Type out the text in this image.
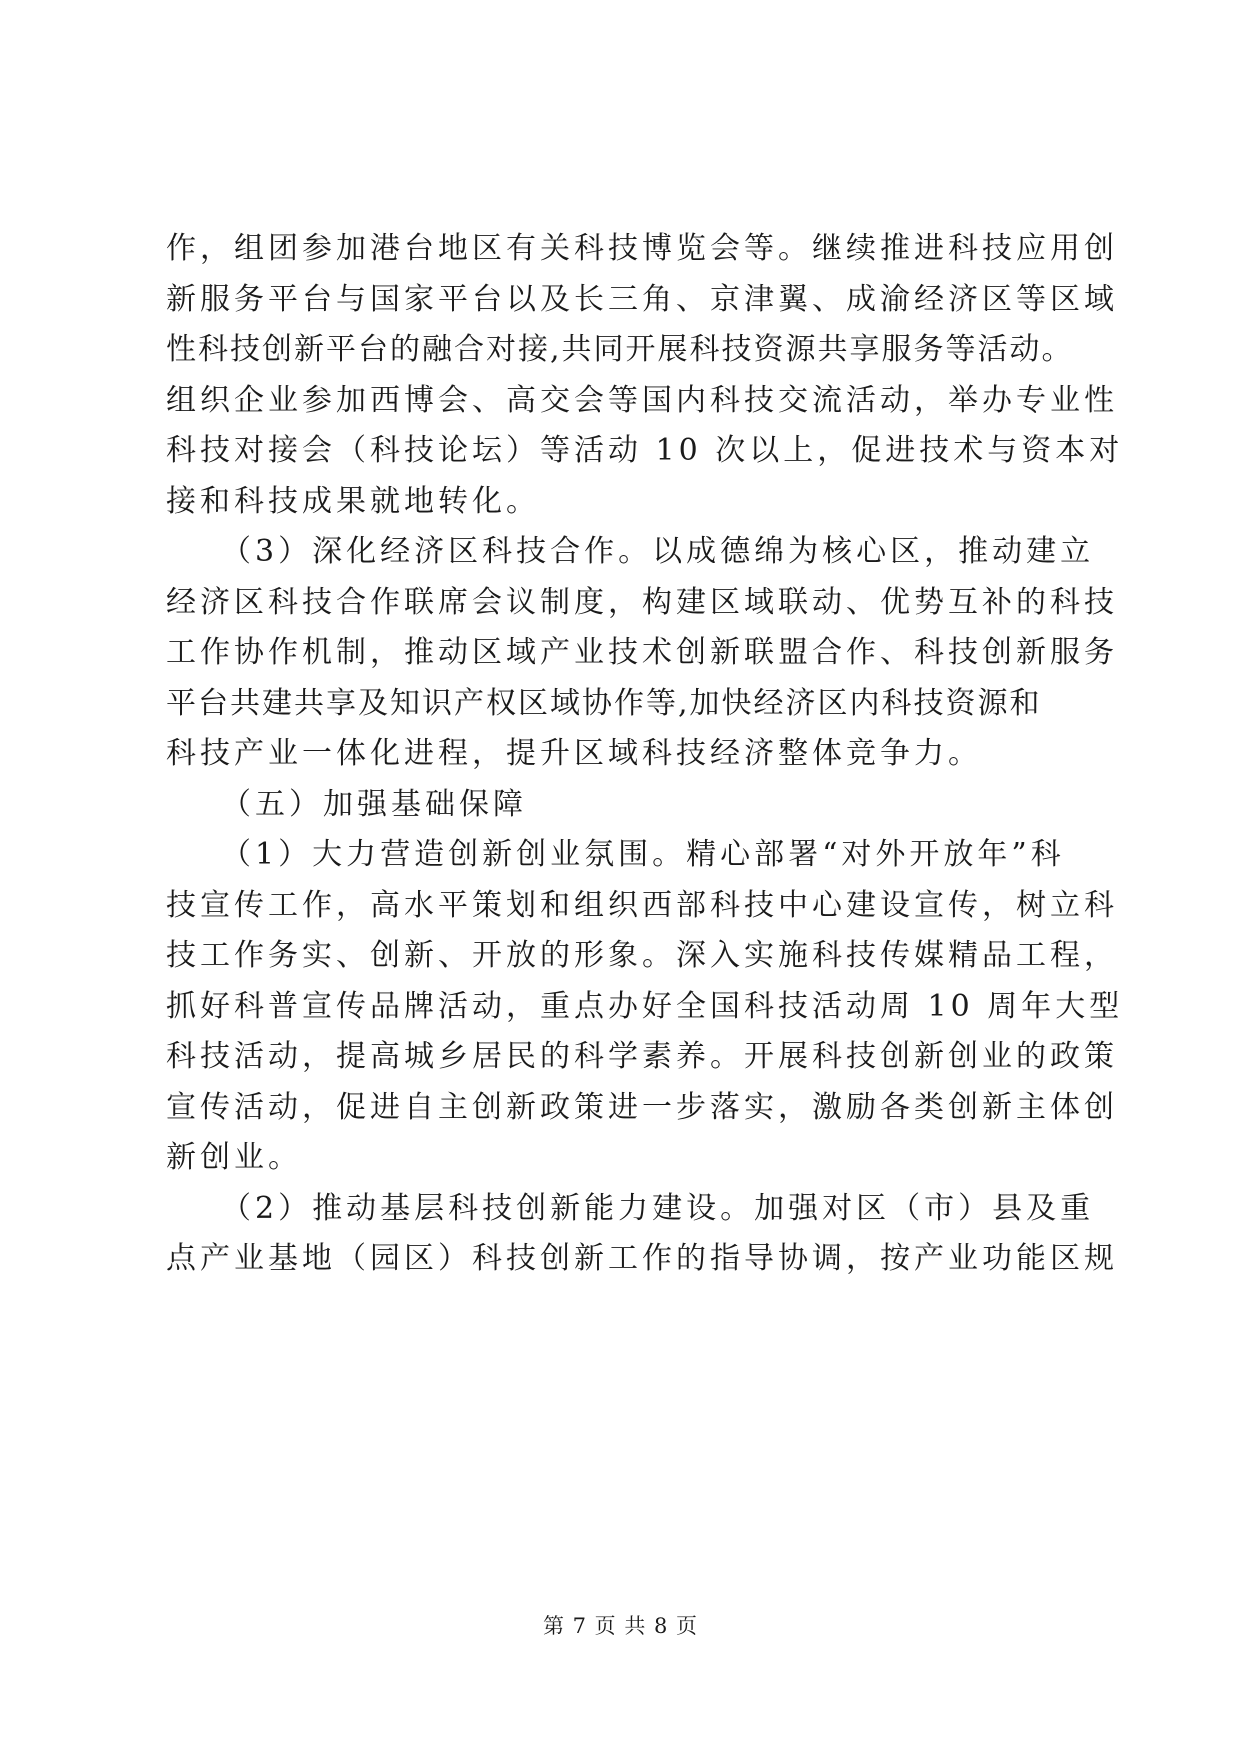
作，组团参加港台地区有关科技博览会等。继续推进科技应用创
新服务平台与国家平台以及长三角、京津翼、成渝经济区等区域
性科技创新平台的融合对接,共同开展科技资源共享服务等活动。
组织企业参加西博会、高交会等国内科技交流活动，举办专业性
科技对接会（科技论坛）等活动 10 次以上，促进技术与资本对
接和科技成果就地转化。
（3）深化经济区科技合作。以成德绵为核心区，推动建立
经济区科技合作联席会议制度，构建区域联动、优势互补的科技
工作协作机制，推动区域产业技术创新联盟合作、科技创新服务
平台共建共享及知识产权区域协作等,加快经济区内科技资源和
科技产业一体化进程，提升区域科技经济整体竞争力。
（五）加强基础保障
（1）大力营造创新创业氛围。精心部署“对外开放年”科
技宣传工作，高水平策划和组织西部科技中心建设宣传，树立科
技工作务实、创新、开放的形象。深入实施科技传媒精品工程，
抓好科普宣传品牌活动，重点办好全国科技活动周 10 周年大型
科技活动，提高城乡居民的科学素养。开展科技创新创业的政策
宣传活动，促进自主创新政策进一步落实，激励各类创新主体创
新创业。
（2）推动基层科技创新能力建设。加强对区（市）县及重
点产业基地（园区）科技创新工作的指导协调，按产业功能区规
第 7 页 共 8 页
